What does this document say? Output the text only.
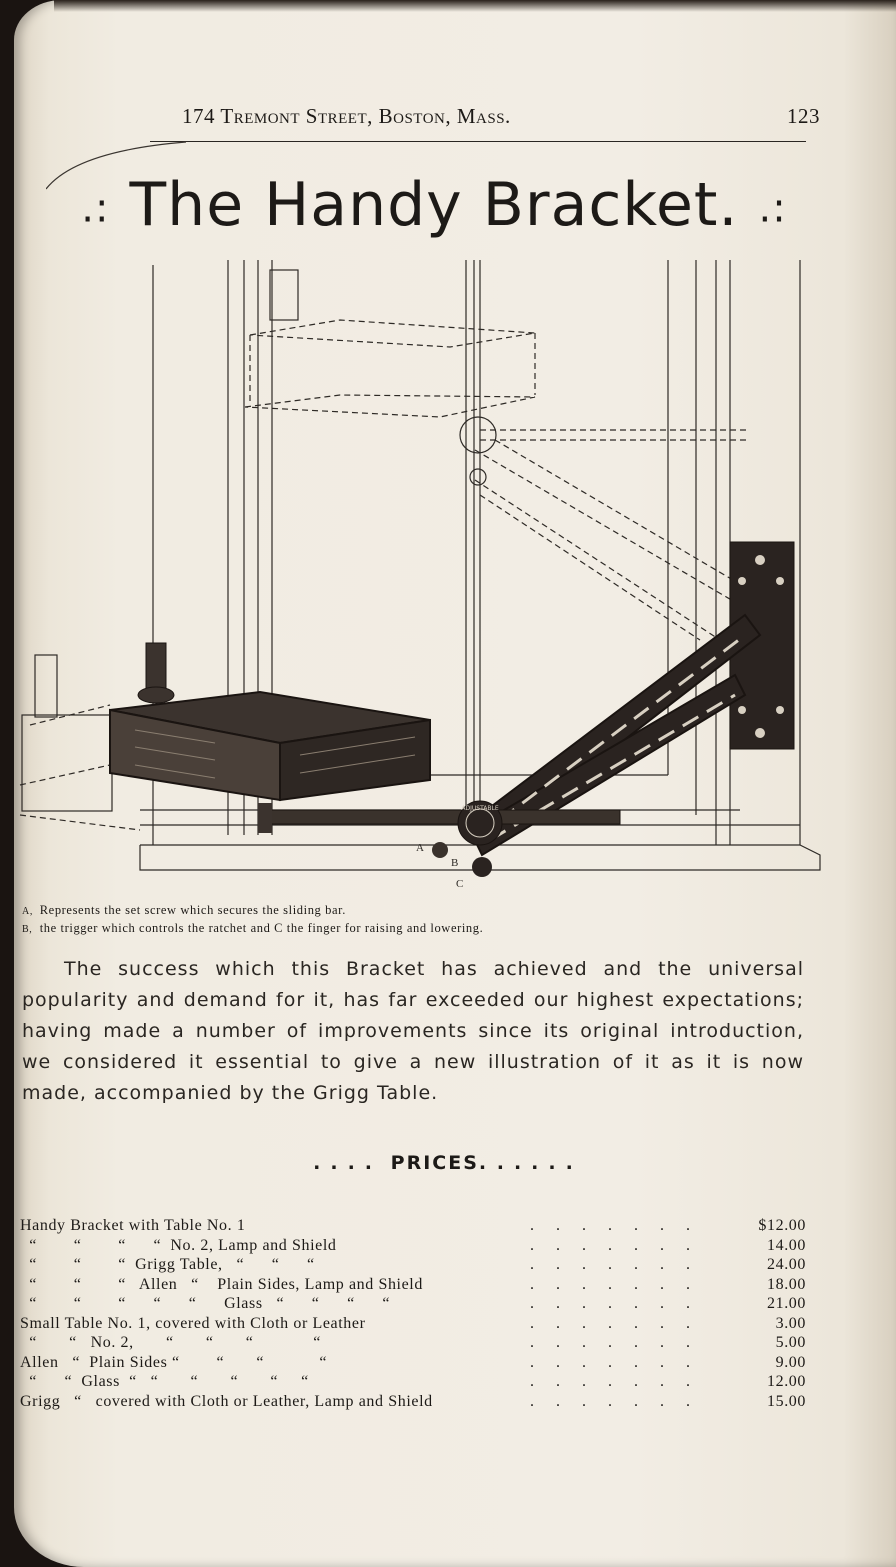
174 Tremont Street, Boston, Mass.	123
.: The Handy Bracket. .:
ADJUSTABLE
A
B
C
A, Represents the set screw which secures the sliding bar.
B, the trigger which controls the ratchet and C the finger for raising and lowering.

The success which this Bracket has achieved and the universal popularity and demand for it, has far exceeded our highest expectations; having made a number of improvements since its original introduction, we considered it essential to give a new illustration of it as it is now made, accompanied by the Grigg Table.

.... PRICES. .....
Handy Bracket with Table No. 1	$12.00
.......
“        “        “      “  No. 2, Lamp and Shield	14.00
.......
“        “        “  Grigg Table,   “      “      “	24.00
.......
“        “        “   Allen   “    Plain Sides, Lamp and Shield	18.00
.......
“        “        “      “      “      Glass   “      “      “      “	21.00
.......
Small Table No. 1, covered with Cloth or Leather	3.00
.......
“       “   No. 2,       “       “       “             “	5.00
.......
Allen   “  Plain Sides “        “       “            “	9.00
.......
“      “  Glass  “   “       “       “       “     “	12.00
.......
Grigg   “   covered with Cloth or Leather, Lamp and Shield	15.00
.......
